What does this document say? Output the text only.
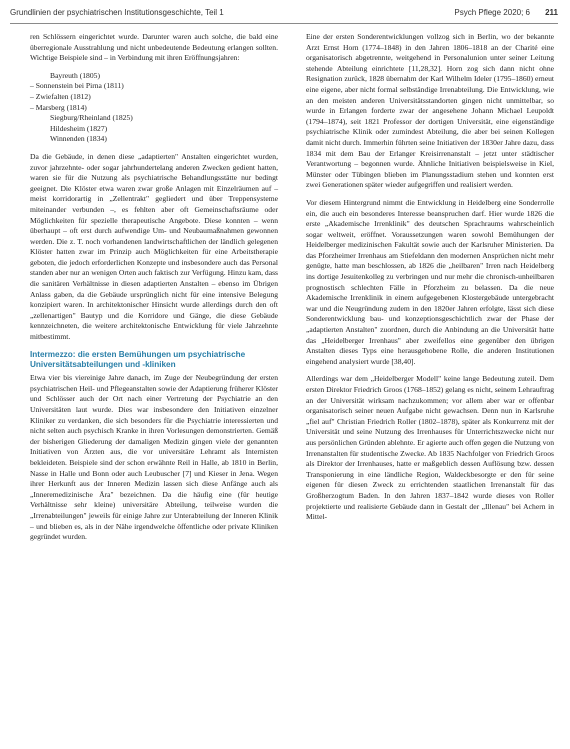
Grundlinien der psychiatrischen Institutionsgeschichte, Teil 1	Psych Pflege 2020; 6 211

ren Schlössern eingerichtet wurde. Darunter waren auch solche, die bald eine überregionale Ausstrahlung und nicht unbedeutende Bedeutung erlangen sollten. Wichtige Beispiele sind – in Verbindung mit ihren Eröffnungsjahren:

Bayreuth (1805)
– Sonnenstein bei Pirna (1811)
– Zwiefalten (1812)
– Marsberg (1814)
Siegburg/Rheinland (1825)
Hildesheim (1827)
Winnenden (1834)

Da die Gebäude, in denen diese „adaptierten" Anstalten eingerichtet wurden, zuvor jahrzehnte- oder sogar jahrhundertelang anderen Zwecken gedient hatten, waren sie für die Nutzung als psychiatrische Behandlungsstätte nur bedingt geeignet. Die Klöster etwa waren zwar große Anlagen mit Einzelräumen auf – meist korridorartig in „Zellentrakt" gegliedert und über Treppensysteme miteinander verbunden –, es fehlten aber oft Gemeinschaftsräume oder Möglichkeiten für spezielle therapeutische Angebote. Diese konnten – wenn überhaupt – oft erst durch aufwendige Um- und Neubaumaßnahmen gewonnen werden. Die z. T. noch vorhandenen landwirtschaftlichen der ländlich gelegenen Klöster hatten zwar im Prinzip auch Möglichkeiten für eine Arbeitstherapie geboten, die jedoch erforderlichen Konzepte und insbesondere auch das Personal standen aber nur an wenigen Orten auch faktisch zur Verfügung. Hinzu kam, dass die sanitären Verhältnisse in diesen adaptierten Anstalten – ebenso im Übrigen Anlass gaben, da die Gebäude ursprünglich nicht für eine intensive Belegung konzipiert waren. In architektonischer Hinsicht wurde allerdings durch den oft „zellenartigen" Bautyp und die Korridore und Gänge, die diese Gebäude kennzeichneten, die weitere architektonische Entwicklung für viele Jahrzehnte mitbestimmt.

Intermezzo: die ersten Bemühungen um psychiatrische Universitätsabteilungen und -kliniken

Etwa vier bis viereinige Jahre danach, im Zuge der Neubegründung der ersten psychiatrischen Heil- und Pflegeanstalten sowie der Adaptierung früherer Klöster und Schlösser auch der Ort nach einer Vertretung der Psychiatrie an den Universitäten laut wurde. Dies war insbesondere den Initiativen einzelner Kliniker zu verdanken, die sich besonders für die Psychiatrie interessierten und nicht selten auch psychisch Kranke in ihren Vorlesungen demonstrierten. Gemäß der bisherigen Gliederung der damaligen Medizin gingen viele der genannten Initiativen von Ärzten aus, die vor universitäre Lehramt als Internisten bekleideten. Beispiele sind der schon erwähnte Reil in Halle, ab 1810 in Berlin, Nasse in Halle und Bonn oder auch Leubuscher [7] und Kieser in Jena. Wegen ihrer Herkunft aus der Inneren Medizin lassen sich diese Anfänge auch als „Inneremedizinische Ära" bezeichnen. Da die häufig eine (für heutige Verhältnisse sehr kleine) universitäre Abteilung, teilweise wurden die „Irrenabteilungen" jeweils für einige Jahre zur Unterabteilung der Inneren Klinik – und blieben es, als in der Nähe irgendwelche öffentliche oder private Kliniken gegründet wurden.

Eine der ersten Sonderentwicklungen vollzog sich in Berlin, wo der bekannte Arzt Ernst Horn (1774–1848) in den Jahren 1806–1818 an der Charité eine organisatorisch abgetrennte, weitgehend in Personalunion unter seiner Leitung stehende Abteilung einrichtete [11,28,32]. Horn zog sich dann nicht ohne Resignation zurück, 1828 übernahm der Karl Wilhelm Ideler (1795–1860) erneut eine eigene, aber nicht formal selbständige Irrenabteilung. Die Entwicklung, wie an den meisten anderen Universitätsstandorten gingen nicht unmittelbar, so wurde in Erlangen forderte zwar der angesehene Johann Michael Leupoldt (1794–1874), seit 1821 Professor der dortigen Universität, eine eigenständige psychiatrische Klinik oder zumindest Abteilung, die aber bei seinen Kollegen damit nicht durch. Immerhin führten seine Initiativen der 1830er Jahre dazu, dass 1834 mit dem Bau der Erlanger Kreisirrenanstalt – jetzt unter städtischer Verantwortung – begonnen wurde. Ähnliche Initiativen beispielsweise in Kiel, Münster oder Tübingen blieben im Planungsstadium stehen und konnten erst zwei Generationen später wieder aufgegriffen und realisiert werden.

Vor diesem Hintergrund nimmt die Entwicklung in Heidelberg eine Sonderrolle ein, die auch ein besonderes Interesse beanspruchen darf. Hier wurde 1826 die erste „Akademische Irrenklinik" des deutschen Sprachraums wahrscheinlich sogar weltweit, eröffnet. Voraussetzungen waren sowohl Bemühungen der Heidelberger medizinischen Fakultät sowie auch der Karlsruher Ministerien. Da das Pforzheimer Irrenhaus am Stiefeldann den modernen Ansprüchen nicht mehr genügte, hatte man beschlossen, ab 1826 die „heilbaren" Irren nach Heidelberg ins dortige Jesuitenkolleg zu verbringen und nur mehr die chronisch-unheilbaren prognostisch schlechten Fälle in Pforzheim zu belassen. Da die neue Akademische Irrenklinik in einem aufgegebenen Klostergebäude untergebracht war und die Neugründung zudem in den 1820er Jahren erfolgte, lässt sich diese Sonderentwicklung bau- und konzeptionsgeschichtlich zwar der Phase der „adaptierten Anstalten" zuordnen, durch die Anbindung an die Universität hatte das „Heidelberger Irrenhaus" aber zweifellos eine gegenüber den übrigen Anstalten dieses Typs eine herausgehobene Rolle, die anderen Institutionen eingehend analysiert wurde [38,40].

Allerdings war dem „Heidelberger Modell" keine lange Bedeutung zuteil. Dem ersten Direktor Friedrich Groos (1768–1852) gelang es nicht, seinem Lehrauftrag an der Universität wirksam nachzukommen; vor allem aber war er offenbar organisatorisch seiner neuen Aufgabe nicht gewachsen. Denn nun in Karlsruhe „fiel auf" Christian Friedrich Roller (1802–1878), später als Konkurrenz mit der Universität und seine Nutzung des Irrenhauses für Unterrichtszwecke nicht nur aus persönlichen Gründen ablehnte. Er agierte auch offen gegen die Nutzung von Irrenanstalten für studentische Zwecke. Ab 1835 Nachfolger von Friedrich Groos als Direktor der Irrenhauses, hatte er maßgeblich dessen Auflösung bzw. dessen Transponierung in eine ländliche Region, Waldeckbesorgte er den für seine eigenen für diesen Zweck zu errichtenden staatlichen Irrenanstalt für das Großherzogtum Baden. In den Jahren 1837–1842 wurde dieses von Roller projektierte und realisierte Gebäude dann in Gestalt der „Illenau" bei Achern in Mittel-
